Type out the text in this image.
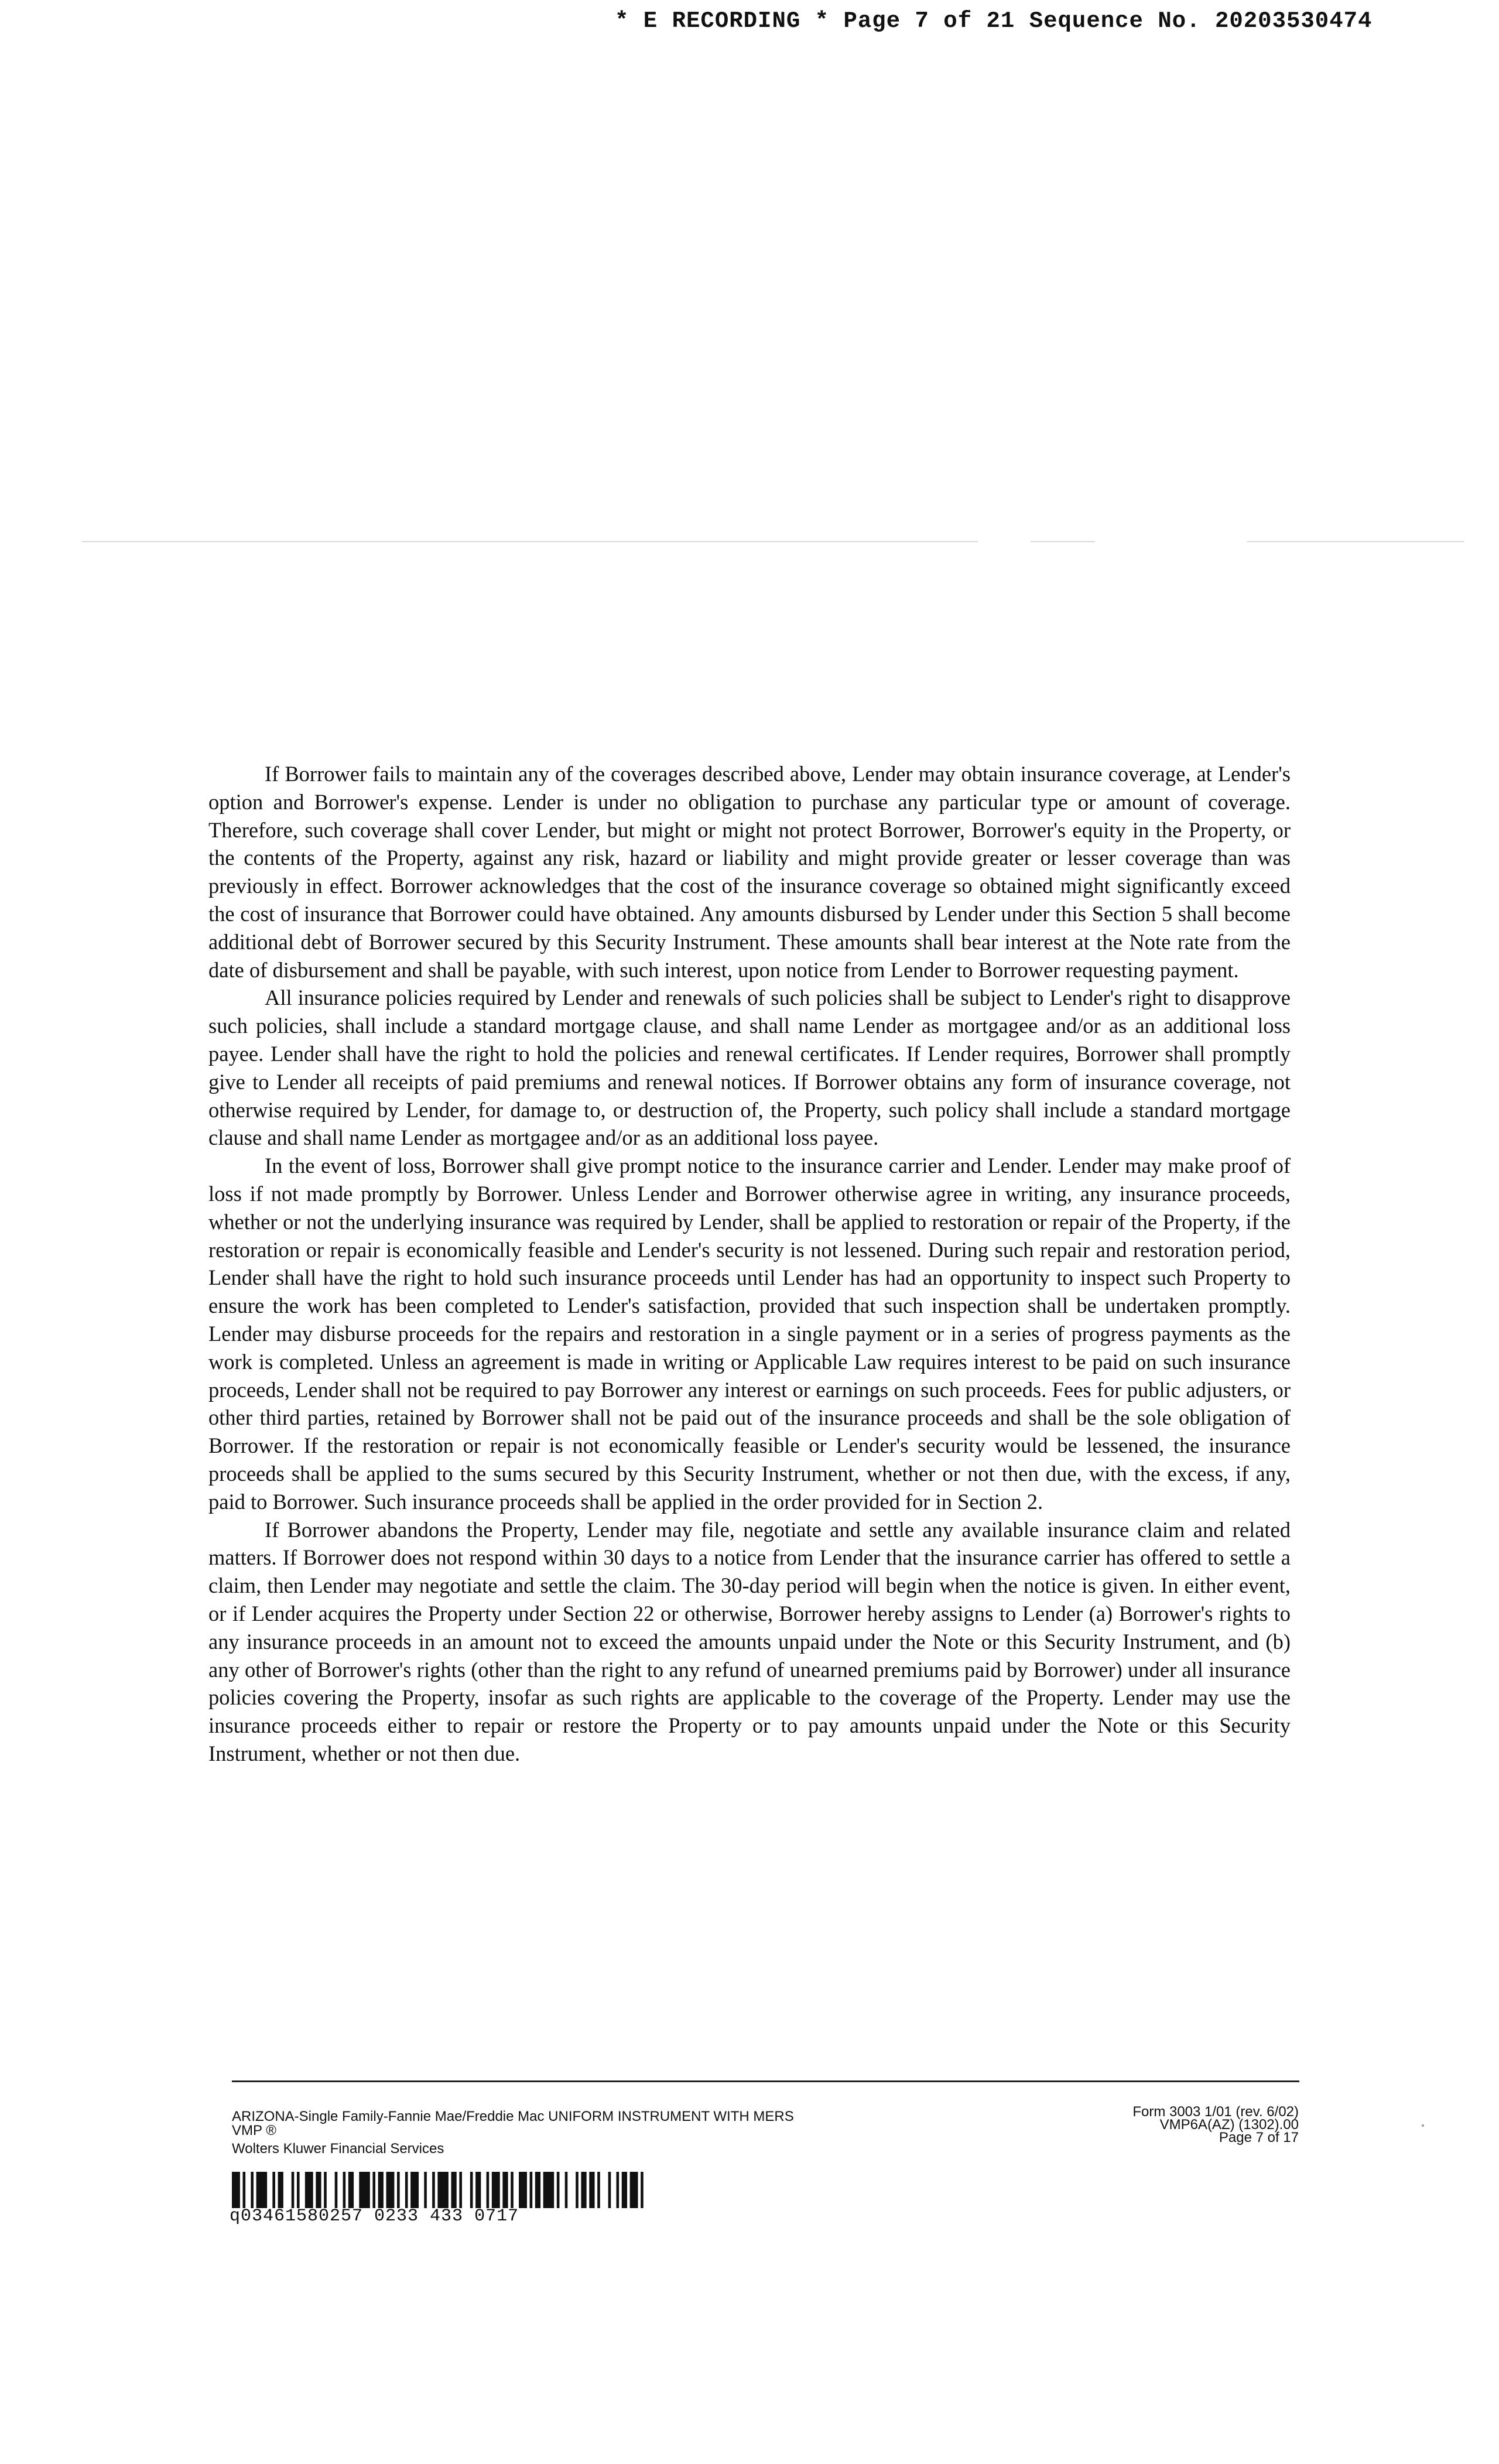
* E RECORDING * Page 7 of 21 Sequence No. 20203530474

If Borrower fails to maintain any of the coverages described above, Lender may obtain insurance coverage, at Lender's option and Borrower's expense. Lender is under no obligation to purchase any particular type or amount of coverage. Therefore, such coverage shall cover Lender, but might or might not protect Borrower, Borrower's equity in the Property, or the contents of the Property, against any risk, hazard or liability and might provide greater or lesser coverage than was previously in effect. Borrower acknowledges that the cost of the insurance coverage so obtained might significantly exceed the cost of insurance that Borrower could have obtained. Any amounts disbursed by Lender under this Section 5 shall become additional debt of Borrower secured by this Security Instrument. These amounts shall bear interest at the Note rate from the date of disbursement and shall be payable, with such interest, upon notice from Lender to Borrower requesting payment.

All insurance policies required by Lender and renewals of such policies shall be subject to Lender's right to disapprove such policies, shall include a standard mortgage clause, and shall name Lender as mortgagee and/or as an additional loss payee. Lender shall have the right to hold the policies and renewal certificates. If Lender requires, Borrower shall promptly give to Lender all receipts of paid premiums and renewal notices. If Borrower obtains any form of insurance coverage, not otherwise required by Lender, for damage to, or destruction of, the Property, such policy shall include a standard mortgage clause and shall name Lender as mortgagee and/or as an additional loss payee.

In the event of loss, Borrower shall give prompt notice to the insurance carrier and Lender. Lender may make proof of loss if not made promptly by Borrower. Unless Lender and Borrower otherwise agree in writing, any insurance proceeds, whether or not the underlying insurance was required by Lender, shall be applied to restoration or repair of the Property, if the restoration or repair is economically feasible and Lender's security is not lessened. During such repair and restoration period, Lender shall have the right to hold such insurance proceeds until Lender has had an opportunity to inspect such Property to ensure the work has been completed to Lender's satisfaction, provided that such inspection shall be undertaken promptly. Lender may disburse proceeds for the repairs and restoration in a single payment or in a series of progress payments as the work is completed. Unless an agreement is made in writing or Applicable Law requires interest to be paid on such insurance proceeds, Lender shall not be required to pay Borrower any interest or earnings on such proceeds. Fees for public adjusters, or other third parties, retained by Borrower shall not be paid out of the insurance proceeds and shall be the sole obligation of Borrower. If the restoration or repair is not economically feasible or Lender's security would be lessened, the insurance proceeds shall be applied to the sums secured by this Security Instrument, whether or not then due, with the excess, if any, paid to Borrower. Such insurance proceeds shall be applied in the order provided for in Section 2.

If Borrower abandons the Property, Lender may file, negotiate and settle any available insurance claim and related matters. If Borrower does not respond within 30 days to a notice from Lender that the insurance carrier has offered to settle a claim, then Lender may negotiate and settle the claim. The 30-day period will begin when the notice is given. In either event, or if Lender acquires the Property under Section 22 or otherwise, Borrower hereby assigns to Lender (a) Borrower's rights to any insurance proceeds in an amount not to exceed the amounts unpaid under the Note or this Security Instrument, and (b) any other of Borrower's rights (other than the right to any refund of unearned premiums paid by Borrower) under all insurance policies covering the Property, insofar as such rights are applicable to the coverage of the Property. Lender may use the insurance proceeds either to repair or restore the Property or to pay amounts unpaid under the Note or this Security Instrument, whether or not then due.

ARIZONA-Single Family-Fannie Mae/Freddie Mac UNIFORM INSTRUMENT WITH MERS
VMP ®
Wolters Kluwer Financial Services
Form 3003 1/01 (rev. 6/02)
VMP6A(AZ) (1302).00
Page 7 of 17
q03461580257 0233 433 0717
